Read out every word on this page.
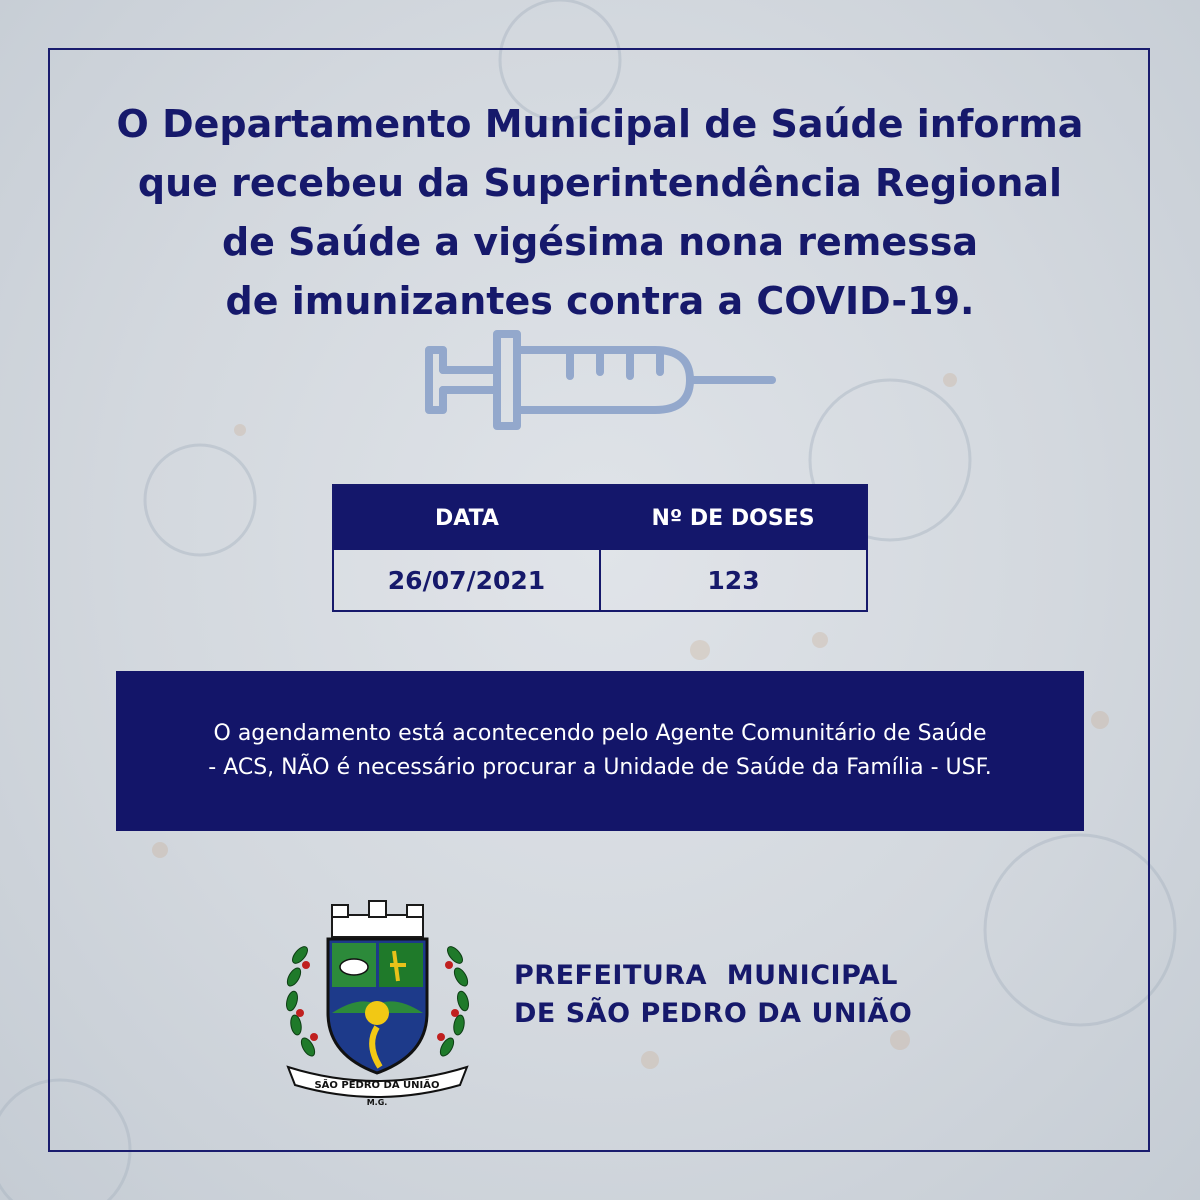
O Departamento Municipal de Saúde informa
que recebeu da Superintendência Regional
de Saúde a vigésima nona remessa
de imunizantes contra a COVID-19.
DATA	Nº DE DOSES
26/07/2021	123
O agendamento está acontecendo pelo Agente Comunitário de Saúde
- ACS, NÃO é necessário procurar a Unidade de Saúde da Família - USF.
SÃO PEDRO DA UNIÃO
M.G.
PREFEITURA  MUNICIPAL
DE SÃO PEDRO DA UNIÃO
